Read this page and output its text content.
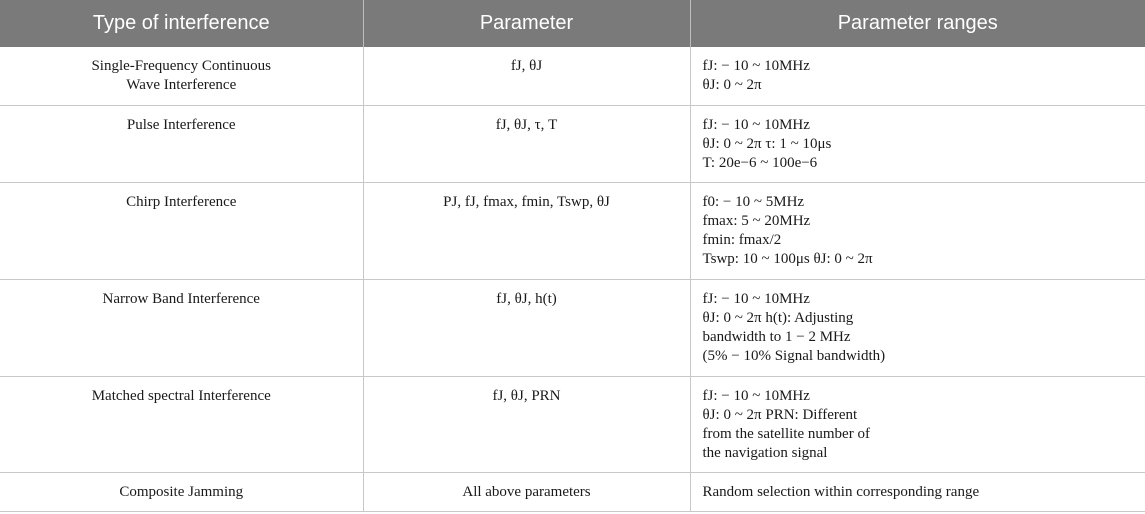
Type of interference	Parameter	Parameter ranges

Single-Frequency Continuous Wave Interference	fJ, θJ	fJ: − 10 ~ 10MHz
θJ: 0 ~ 2π

Pulse Interference	fJ, θJ, τ, T	fJ: − 10 ~ 10MHz
θJ: 0 ~ 2π τ: 1 ~ 10μs
T: 20e−6 ~ 100e−6

Chirp Interference	PJ, fJ, fmax, fmin, Tswp, θJ	f0: − 10 ~ 5MHz
fmax: 5 ~ 20MHz
fmin: fmax/2
Tswp: 10 ~ 100μs θJ: 0 ~ 2π

Narrow Band Interference	fJ, θJ, h(t)	fJ: − 10 ~ 10MHz
θJ: 0 ~ 2π h(t): Adjusting
bandwidth to 1 − 2 MHz
(5% − 10% Signal bandwidth)

Matched spectral Interference	fJ, θJ, PRN	fJ: − 10 ~ 10MHz
θJ: 0 ~ 2π PRN: Different
from the satellite number of
the navigation signal

Composite Jamming	All above parameters	Random selection within corresponding range
